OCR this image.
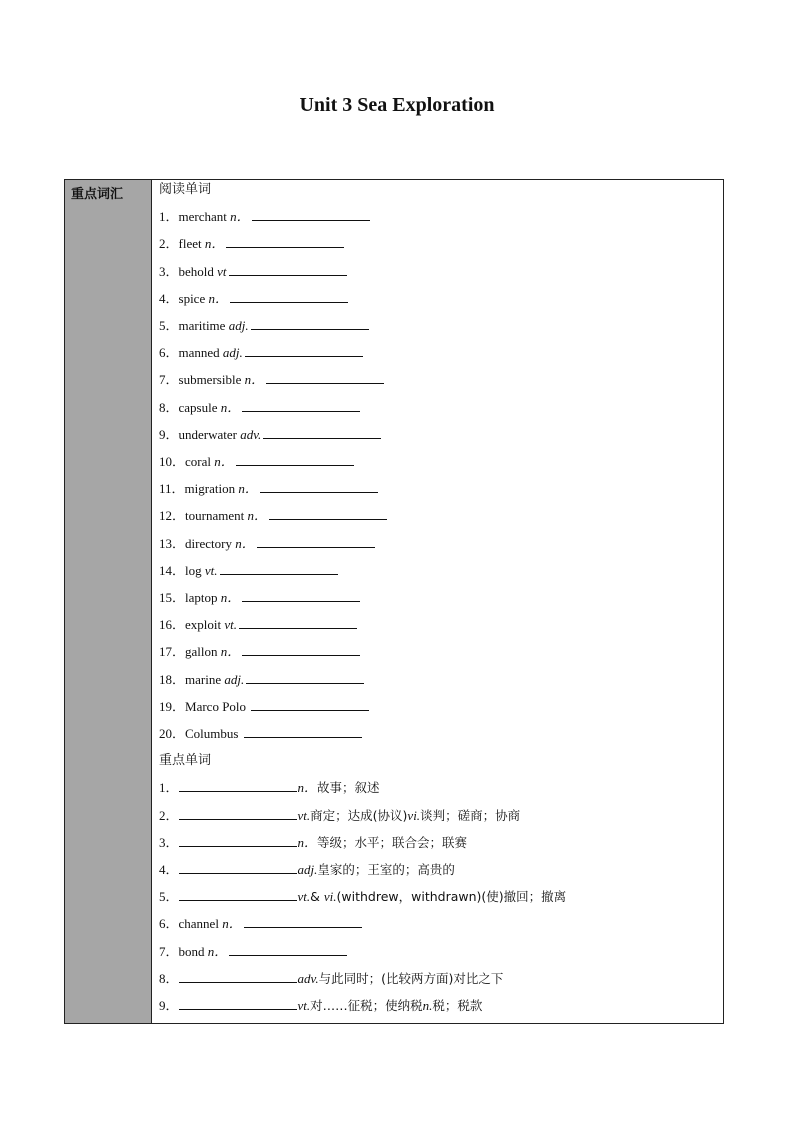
Unit 3 Sea Exploration
重点词汇	阅读单词
1．merchant n．
2．fleet n．
3．behold vt
4．spice n．
5．maritime adj.
6．manned adj.
7．submersible n．
8．capsule n．
9．underwater adv.
10．coral n．
11．migration n．
12．tournament n．
13．directory n．
14．log vt.
15．laptop n．
16．exploit vt.
17．gallon n．
18．marine adj.
19．Marco Polo
20．Columbus
重点单词
1．	n．故事；叙述
2．	vt.商定；达成(协议)vi.谈判；磋商；协商
3．	n．等级；水平；联合会；联赛
4．	adj.皇家的；王室的；高贵的
5．	vt.& vi.(withdrew，withdrawn)(使)撤回；撤离
6．channel n．
7．bond n．
8．	adv.与此同时；(比较两方面)对比之下
9．	vt.对……征税；使纳税n.税；税款
